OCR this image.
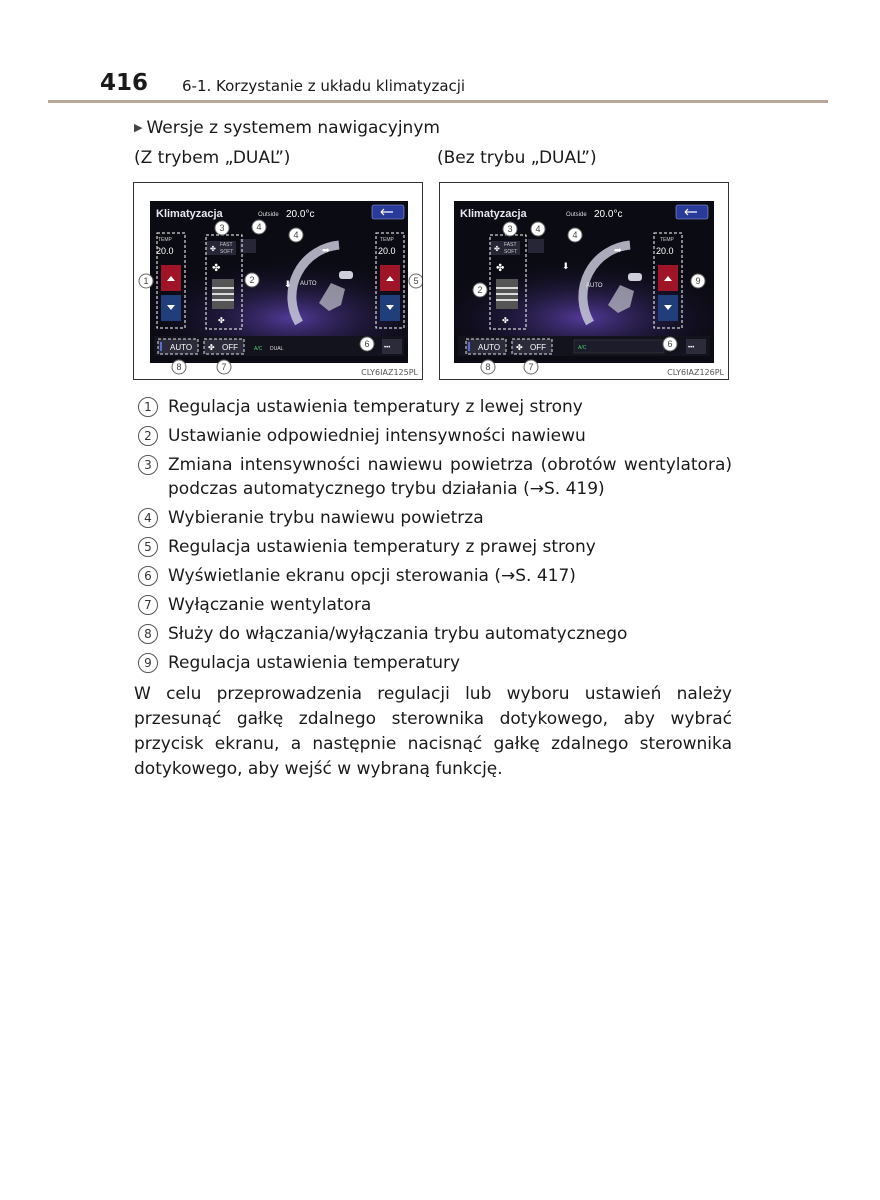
416 6-1. Korzystanie z układu klimatyzacji
▶ Wersje z systemem nawigacyjnym
(Z trybem „DUAL”)	(Bez trybu „DUAL”)
Klimatyzacja	Outside 20.0°c
TEMP
20.0	✤
FAST
SOFT
✤
✤
➡
⬇ AUTO
TEMP
20.0
AUTO ✤ OFF	A/C DUAL	•••
3	4
4
1	2	5
6
8	7
CLY6IAZ125PL
Klimatyzacja	Outside 20.0°c
✤
FAST
SOFT
✤
✤
➡
⬇
AUTO
TEMP
20.0
AUTO ✤ OFF	A/C	•••
3	4
4
2
9
6
8	7
CLY6IAZ126PL
1 Regulacja ustawienia temperatury z lewej strony
2 Ustawianie odpowiedniej intensywności nawiewu
3 Zmiana intensywności nawiewu powietrza (obrotów wentylatora) podczas automatycznego trybu działania (→S. 419)
4 Wybieranie trybu nawiewu powietrza
5 Regulacja ustawienia temperatury z prawej strony
6 Wyświetlanie ekranu opcji sterowania (→S. 417)
7 Wyłączanie wentylatora
8 Służy do włączania/wyłączania trybu automatycznego
9 Regulacja ustawienia temperatury
W celu przeprowadzenia regulacji lub wyboru ustawień należy przesunąć gałkę zdalnego sterownika dotykowego, aby wybrać przycisk ekranu, a następnie nacisnąć gałkę zdalnego sterownika dotykowego, aby wejść w wybraną funkcję.
